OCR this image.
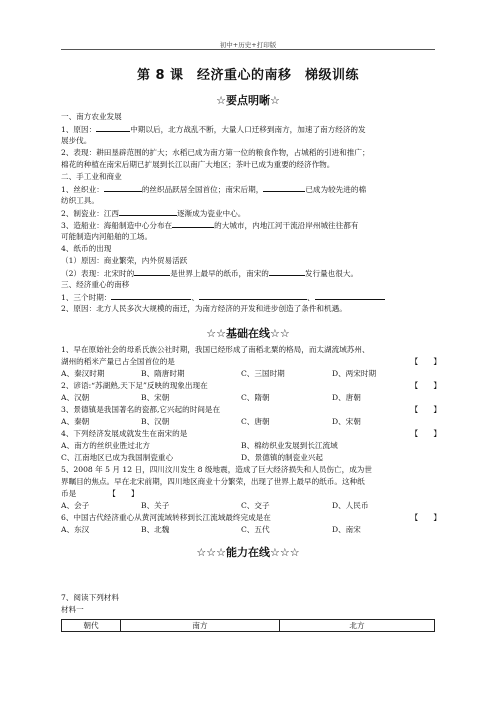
初中+历史+打印版
第 8 课　经济重心的南移　梯级训练
☆要点明晰☆
一、南方农业发展
1、原因：	中期以后，北方战乱不断，大量人口迁移到南方，加速了南方经济的发
展步伐。
2、表现：耕田垦辟范围的扩大；水稻已成为南方第一位的粮食作物，占城稻的引进和推广；
棉花的种植在南宋后期已扩展到长江以南广大地区；茶叶已成为重要的经济作物。
二、手工业和商业
1、丝织业：	的丝织品跃居全国首位；南宋后期，	已成为较先进的棉
纺织工具。
2、制瓷业：江西	逐渐成为瓷业中心。
3、造船业：海船制造中心分布在	的大城市，内地江河干流沿岸州城往往都有
可能制造内河船舶的工场。
4、纸币的出现
（1）原因：商业繁荣，内外贸易活跃
（2）表现：北宋时的	是世界上最早的纸币，南宋的	发行量也很大。
三、经济重心的南移
1、三个时期：	、	、
2、原因：北方人民多次大规模的南迁，为南方经济的开发和进步创造了条件和机遇。
☆☆基础在线☆☆
1、早在原始社会的母系氏族公社时期，我国已经形成了南稻北粟的格局，而太湖流域苏州、
湖州的稻米产量已占全国首位的是	【　　】
A、秦汉时期	B、隋唐时期	C、三国时期	D、两宋时期
2、谚语:“苏湖熟,天下足”反映的现象出现在	【　　】
A、汉朝	B、宋朝	C、隋朝	D、唐朝
3、景德镇是我国著名的瓷都,它兴起的时间是在	【　　】
A、秦朝	B、汉朝	C、唐朝	D、宋朝
4、下列经济发展成就发生在南宋的是	【　　】
A、南方的丝织业胜过北方	B、棉纺织业发展到长江流域
C、江南地区已成为我国制瓷重心	D、景德镇的制瓷业兴起
5、2008 年 5 月 12 日，四川汶川发生 8 级地震，造成了巨大经济损失和人员伤亡，成为世
界瞩目的焦点。早在北宋前期，四川地区商业十分繁荣，出现了世界上最早的纸币。这种纸
币是	【　　】
A、会子	B、关子	C、交子	D、人民币
6、中国古代经济重心从黄河流域转移到长江流域最终完成是在	【　　】
A、东汉	B、北魏	C、五代	D、南宋
☆☆☆能力在线☆☆☆
7、阅读下列材料
材料一
朝代	南方	北方
